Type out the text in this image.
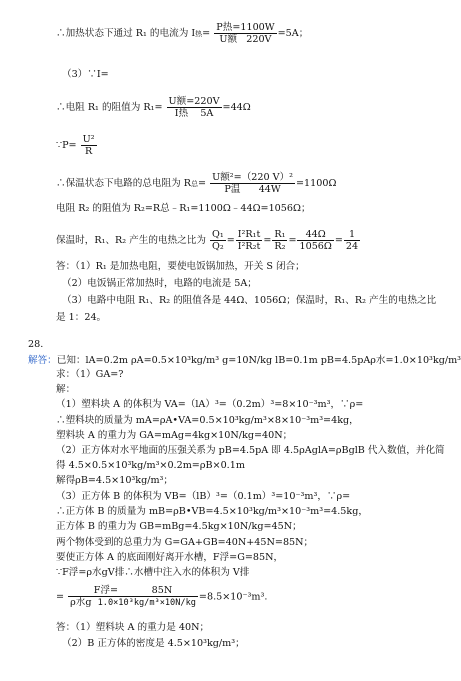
∴加热状态下通过 R₁ 的电流为 I热= $\frac{\text{P热=1100W}}{\text{U额 220V}} =5A$；
（3）∵I=
∴电阻 R₁ 的阻值为 $R_1= \frac{\text{U额=220V}}{\text{I热 5A}} =44\Omega$
∵P= $\frac{\text{U²}}{R}$
∴保温状态下电路的总电阻为 R总= $\frac{\text{U额²=（220 V）²}}{\text{P温 44W}} =1100\Omega$
电阻 R₂ 的阻值为 R₂=R总﹣R₁=1100Ω﹣44Ω=1056Ω；
保温时，R₁、R₂ 产生的电热之比为 $\frac{\text{Q₁}}{\text{Q₂}} = \frac{\text{I²R₁t}}{\text{I²R₂t}} = \frac{\text{R₁}}{\text{R₂}} = \frac{44\Omega}{1056\Omega} = \frac{1}{24}$
答：（1）R₁ 是加热电阻，要使电饭锅加热，开关 S 闭合；
（2）电饭锅正常加热时，电路的电流是 5A；
（3）电路中电阻 R₁、R₂ 的阻值各是 44Ω、1056Ω；保温时，R₁、R₂ 产生的电热之比
是 1：24。
28.
解答：已知：lA=0.2m ρA=0.5×10³kg/m³ g=10N/kg lB=0.1m pB=4.5pAρ水=1.0×10³kg/m³
求：（1）GA=?
解：
（1）塑料块 A 的体积为 VA=（lA）³=（0.2m）³=8×10⁻³m³，∵ρ=
∴塑料块的质量为 mA=ρA•VA=0.5×10³kg/m³×8×10⁻³m³=4kg，
塑料块 A 的重力为 GA=mAg=4kg×10N/kg=40N；
（2）正方体对水平地面的压强关系为 pB=4.5pA 即 4.5ρAglA=ρBglB 代入数值，并化简
得 4.5×0.5×10³kg/m³×0.2m=ρB×0.1m
解得ρB=4.5×10³kg/m³；
（3）正方体 B 的体积为 VB=（lB）³=（0.1m）³=10⁻³m³，∵ρ=
∴正方体 B 的质量为 mB=ρB•VB=4.5×10³kg/m³×10⁻³m³=4.5kg，
正方体 B 的重力为 GB=mBg=4.5kg×10N/kg=45N；
两个物体受到的总重力为 G=GA+GB=40N+45N=85N；
要使正方体 A 的底面刚好离开水槽，F浮=G=85N，
∵F浮=ρ水gV排∴水槽中注入水的体积为 V排
= F浮=	85N
ρ水g 1.0×10³kg/m³×10N/kg =8.5×10⁻³m³.
答：（1）塑料块 A 的重力是 40N；
（2）B 正方体的密度是 4.5×10³kg/m³；
